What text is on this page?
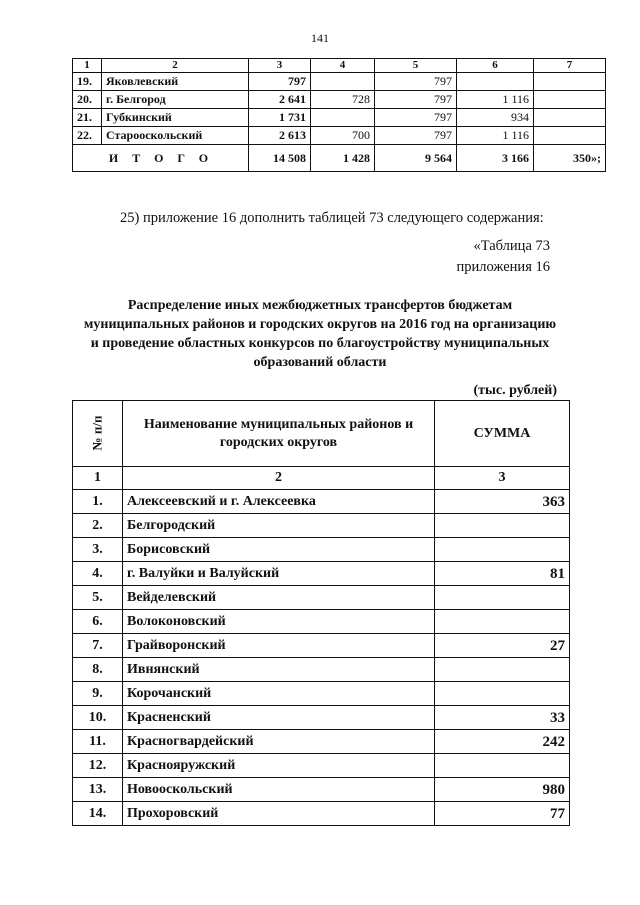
141
1	2	3	4	5	6	7
19.	Яковлевский	797		797		
20.	г. Белгород	2 641	728	797	1 116	
21.	Губкинский	1 731		797	934	
22.	Старооскольский	2 613	700	797	1 116	
ИТОГО		14 508	1 428	9 564	3 166	350»;
25) приложение 16 дополнить таблицей 73 следующего содержания:
«Таблица 73
приложения 16
Распределение иных межбюджетных трансфертов бюджетам муниципальных районов и городских округов на 2016 год на организацию и проведение областных конкурсов по благоустройству муниципальных образований области
(тыс. рублей)
№ п/п	Наименование муниципальных районов и городских округов	СУММА
1	2	3
1.	Алексеевский и г. Алексеевка	363
2.	Белгородский	
3.	Борисовский	
4.	г. Валуйки и Валуйский	81
5.	Вейделевский	
6.	Волоконовский	
7.	Грайворонский	27
8.	Ивнянский	
9.	Корочанский	
10.	Красненский	33
11.	Красногвардейский	242
12.	Краснояружский	
13.	Новооскольский	980
14.	Прохоровский	77
